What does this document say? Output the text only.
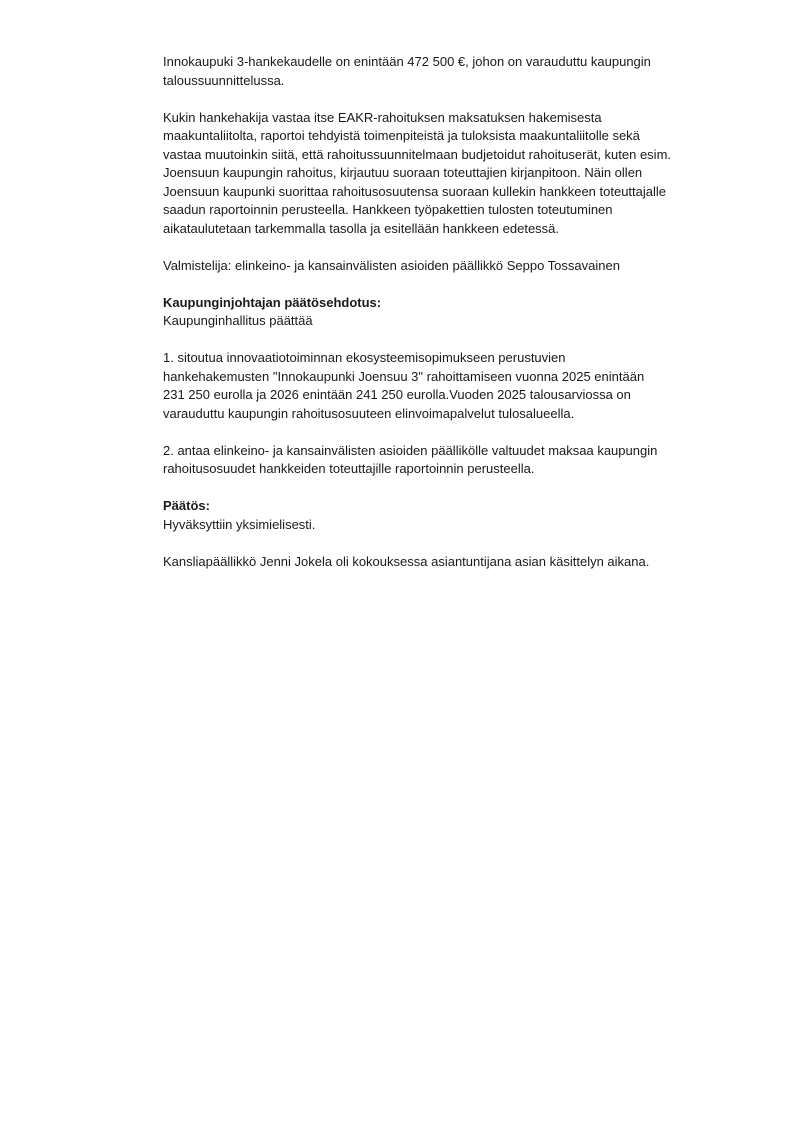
Innokaupuki 3-hankekaudelle on enintään 472 500 €, johon on varauduttu kaupungin
taloussuunnittelussa.

Kukin hankehakija vastaa itse EAKR-rahoituksen maksatuksen hakemisesta
maakuntaliitolta, raportoi tehdyistä toimenpiteistä ja tuloksista maakuntaliitolle sekä
vastaa muutoinkin siitä, että rahoitussuunnitelmaan budjetoidut rahoituserät, kuten esim.
Joensuun kaupungin rahoitus, kirjautuu suoraan toteuttajien kirjanpitoon. Näin ollen
Joensuun kaupunki suorittaa rahoitusosuutensa suoraan kullekin hankkeen toteuttajalle
saadun raportoinnin perusteella. Hankkeen työpakettien tulosten toteutuminen
aikataulutetaan tarkemmalla tasolla ja esitellään hankkeen edetessä.

Valmistelija: elinkeino- ja kansainvälisten asioiden päällikkö Seppo Tossavainen

Kaupunginjohtajan päätösehdotus:
Kaupunginhallitus päättää

1. sitoutua innovaatiotoiminnan ekosysteemisopimukseen perustuvien
hankehakemusten "Innokaupunki Joensuu 3" rahoittamiseen vuonna 2025 enintään
231 250 eurolla ja 2026 enintään 241 250 eurolla.Vuoden 2025 talousarviossa on
varauduttu kaupungin rahoitusosuuteen elinvoimapalvelut tulosalueella.

2. antaa elinkeino- ja kansainvälisten asioiden päällikölle valtuudet maksaa kaupungin
rahoitusosuudet hankkeiden toteuttajille raportoinnin perusteella.

Päätös:
Hyväksyttiin yksimielisesti.

Kansliapäällikkö Jenni Jokela oli kokouksessa asiantuntijana asian käsittelyn aikana.
